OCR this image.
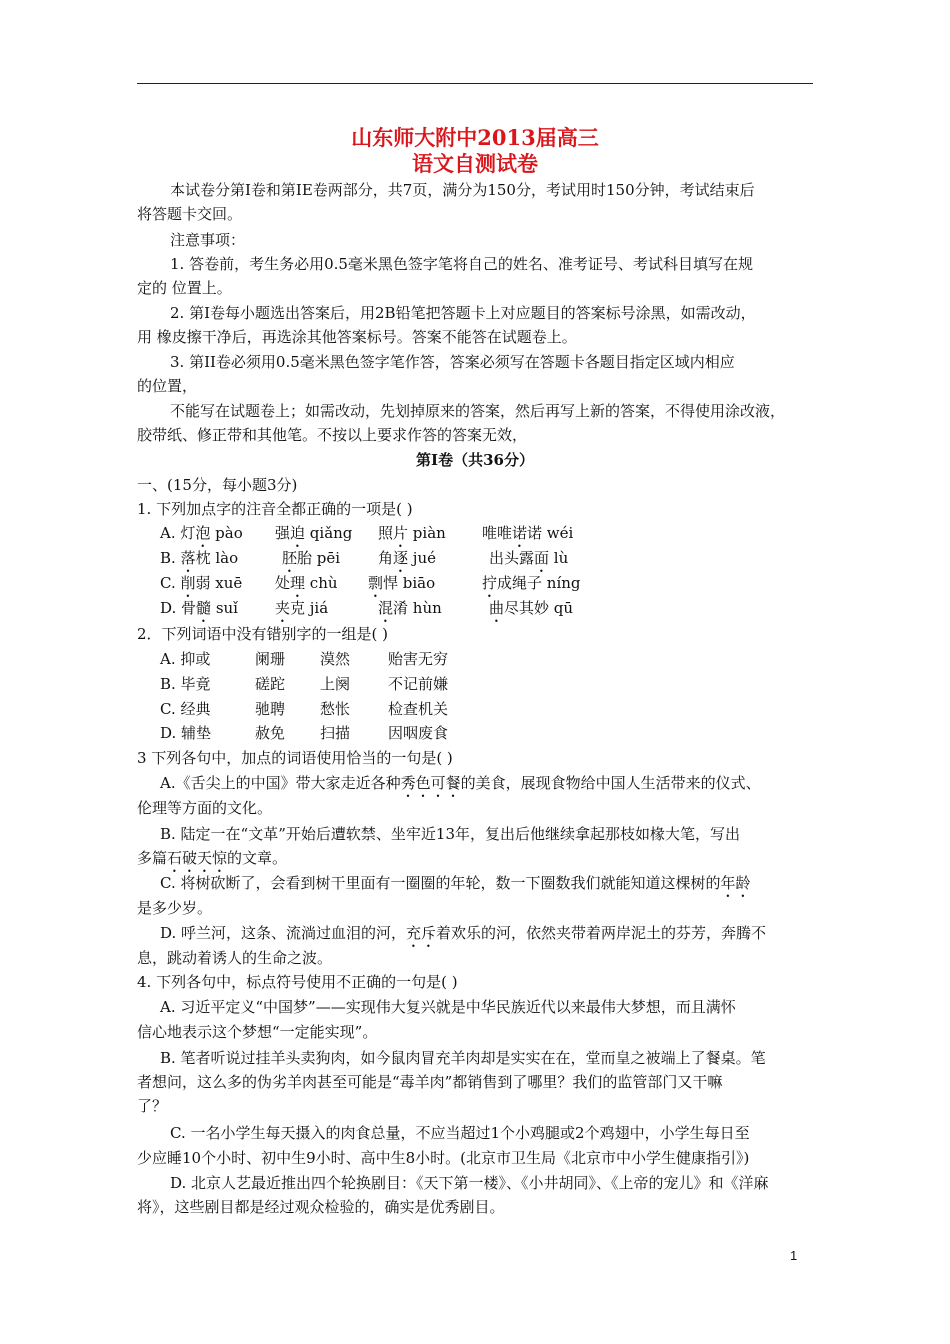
山东师大附中2013届高三
语文自测试卷
本试卷分第Ⅰ卷和第IE卷两部分，共7页，满分为150分，考试用时150分钟，考试结束后
将答题卡交回。
注意事项：
1. 答卷前，考生务必用0.5毫米黑色签字笔将自己的姓名、准考证号、考试科目填写在规
定的 位置上。
2. 第Ⅰ卷每小题选出答案后，用2B铅笔把答题卡上对应题目的答案标号涂黑，如需改动，
用 橡皮擦干净后，再选涂其他答案标号。答案不能答在试题卷上。
3. 第II卷必须用0.5毫米黑色签字笔作答，答案必须写在答题卡各题目指定区域内相应
的位置，
不能写在试题卷上；如需改动，先划掉原来的答案，然后再写上新的答案，不得使用涂改液，
胶带纸、修正带和其他笔。不按以上要求作答的答案无效，
第Ⅰ卷（共36分）
一、(15分，每小题3分)
1. 下列加点字的注音全都正确的一项是( )
A. 灯泡 pào 强迫 qiǎng 照片 piàn 唯唯诺诺 wéi
B. 落枕 lào	胚胎 pēi	角逐 jué	出头露面 lù
C. 削弱 xuē 处理 chù 剽悍 biāo	拧成绳子 níng
D. 骨髓 suǐ 夹克 jiá	混淆 hùn	曲尽其妙 qū
2．下列词语中没有错别字的一组是( )
A. 抑或	阑珊 漠然	贻害无穷
B. 毕竟	磋跎 上阕	不记前嫌
C. 经典	驰聘 愁怅	检查机关
D. 辅垫	赦免 扫描	因咽废食
3 下列各句中，加点的词语使用恰当的一句是( )
A.《舌尖上的中国》带大家走近各种秀色可餐的美食，展现食物给中国人生活带来的仪式、
伦理等方面的文化。
B. 陆定一在“文革”开始后遭软禁、坐牢近13年，复出后他继续拿起那枝如椽大笔，写出
多篇石破天惊的文章。
C. 将树砍断了，会看到树干里面有一圈圈的年轮，数一下圈数我们就能知道这棵树的年龄
是多少岁。
D. 呼兰河，这条、流淌过血泪的河，充斥着欢乐的河，依然夹带着两岸泥土的芬芳，奔腾不
息，跳动着诱人的生命之波。
4. 下列各句中，标点符号使用不正确的一句是( )
A. 习近平定义“中国梦”——实现伟大复兴就是中华民族近代以来最伟大梦想，而且满怀
信心地表示这个梦想“一定能实现”。
B. 笔者听说过挂羊头卖狗肉，如今鼠肉冒充羊肉却是实实在在，堂而皇之被端上了餐桌。笔
者想问，这么多的伪劣羊肉甚至可能是“毒羊肉”都销售到了哪里？我们的监管部门又干嘛
了？
C. 一名小学生每天摄入的肉食总量，不应当超过1个小鸡腿或2个鸡翅中，小学生每日至
少应睡10个小时、初中生9小时、高中生8小时。(北京市卫生局《北京市中小学生健康指引》)
D. 北京人艺最近推出四个轮换剧目：《天下第一楼》、《小井胡同》、《上帝的宠儿》和《洋麻
将》，这些剧目都是经过观众检验的，确实是优秀剧目。
1
